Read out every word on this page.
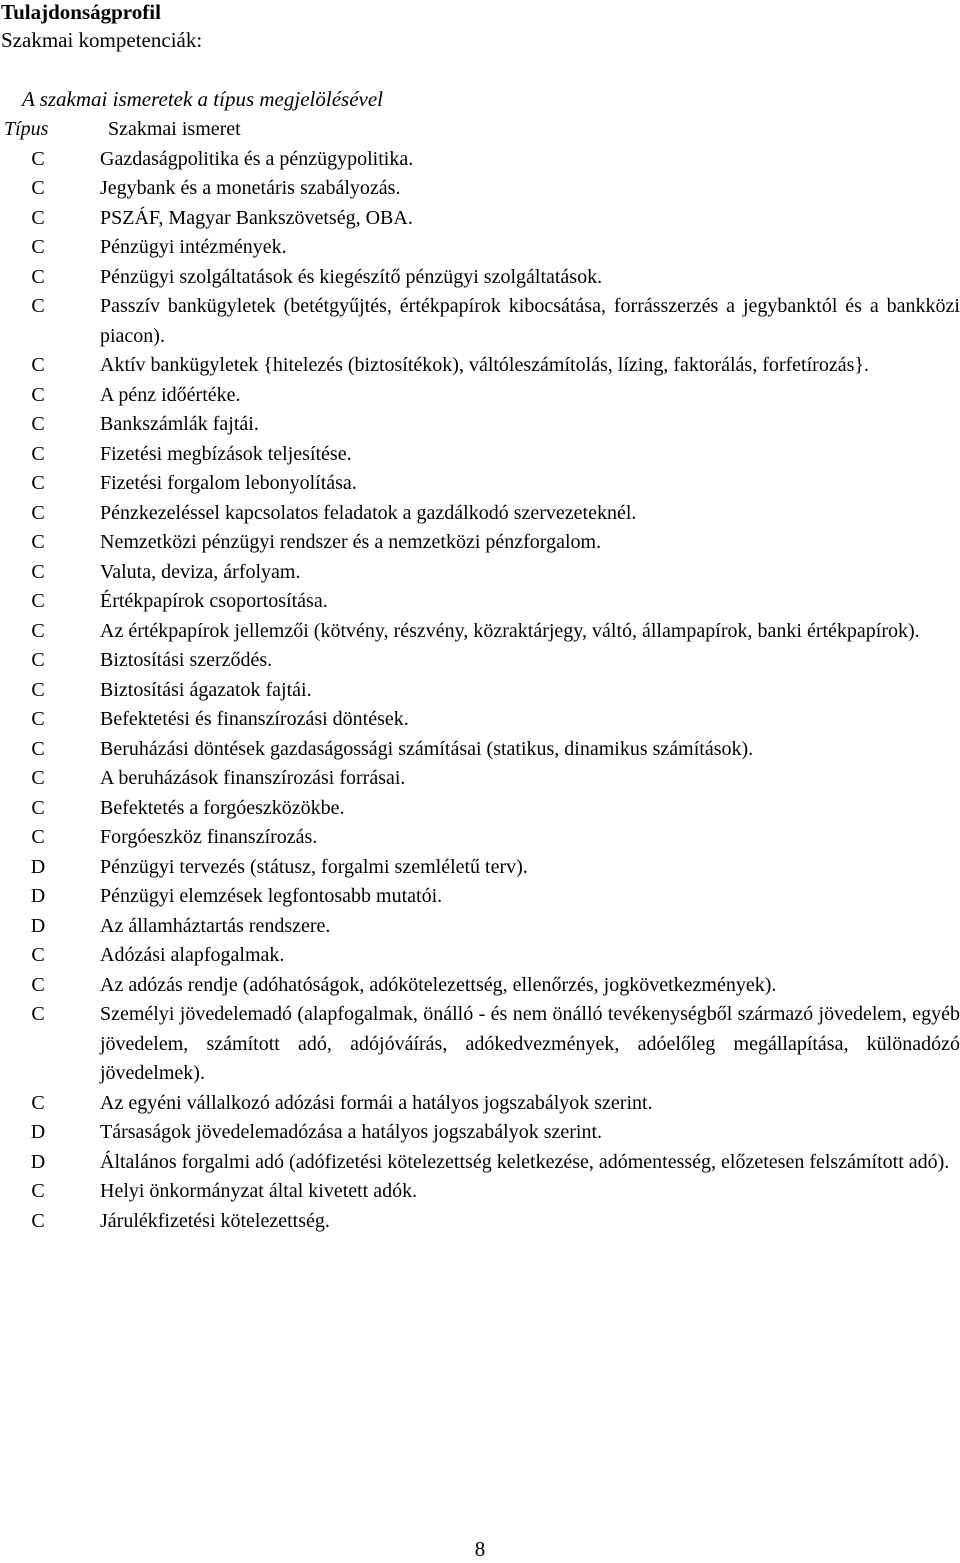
Tulajdonságprofil
Szakmai kompetenciák:
A szakmai ismeretek a típus megjelölésével
Típus	Szakmai ismeret
C	Gazdaságpolitika és a pénzügypolitika.
C	Jegybank és a monetáris szabályozás.
C	PSZÁF, Magyar Bankszövetség, OBA.
C	Pénzügyi intézmények.
C	Pénzügyi szolgáltatások és kiegészítő pénzügyi szolgáltatások.
C	Passzív bankügyletek (betétgyűjtés, értékpapírok kibocsátása, forrásszerzés a jegybanktól és a bankközi piacon).
C	Aktív bankügyletek {hitelezés (biztosítékok), váltóleszámítolás, lízing, faktorálás, forfetírozás}.
C	A pénz időértéke.
C	Bankszámlák fajtái.
C	Fizetési megbízások teljesítése.
C	Fizetési forgalom lebonyolítása.
C	Pénzkezeléssel kapcsolatos feladatok a gazdálkodó szervezeteknél.
C	Nemzetközi pénzügyi rendszer és a nemzetközi pénzforgalom.
C	Valuta, deviza, árfolyam.
C	Értékpapírok csoportosítása.
C	Az értékpapírok jellemzői (kötvény, részvény, közraktárjegy, váltó, állampapírok, banki értékpapírok).
C	Biztosítási szerződés.
C	Biztosítási ágazatok fajtái.
C	Befektetési és finanszírozási döntések.
C	Beruházási döntések gazdaságossági számításai (statikus, dinamikus számítások).
C	A beruházások finanszírozási forrásai.
C	Befektetés a forgóeszközökbe.
C	Forgóeszköz finanszírozás.
D	Pénzügyi tervezés (státusz, forgalmi szemléletű terv).
D	Pénzügyi elemzések legfontosabb mutatói.
D	Az államháztartás rendszere.
C	Adózási alapfogalmak.
C	Az adózás rendje (adóhatóságok, adókötelezettség, ellenőrzés, jogkövetkezmények).
C	Személyi jövedelemadó (alapfogalmak, önálló - és nem önálló tevékenységből származó jövedelem, egyéb jövedelem, számított adó, adójóváírás, adókedvezmények, adóelőleg megállapítása, különadózó jövedelmek).
C	Az egyéni vállalkozó adózási formái a hatályos jogszabályok szerint.
D	Társaságok jövedelemadózása a hatályos jogszabályok szerint.
D	Általános forgalmi adó (adófizetési kötelezettség keletkezése, adómentesség, előzetesen felszámított adó).
C	Helyi önkormányzat által kivetett adók.
C	Járulékfizetési kötelezettség.
8
